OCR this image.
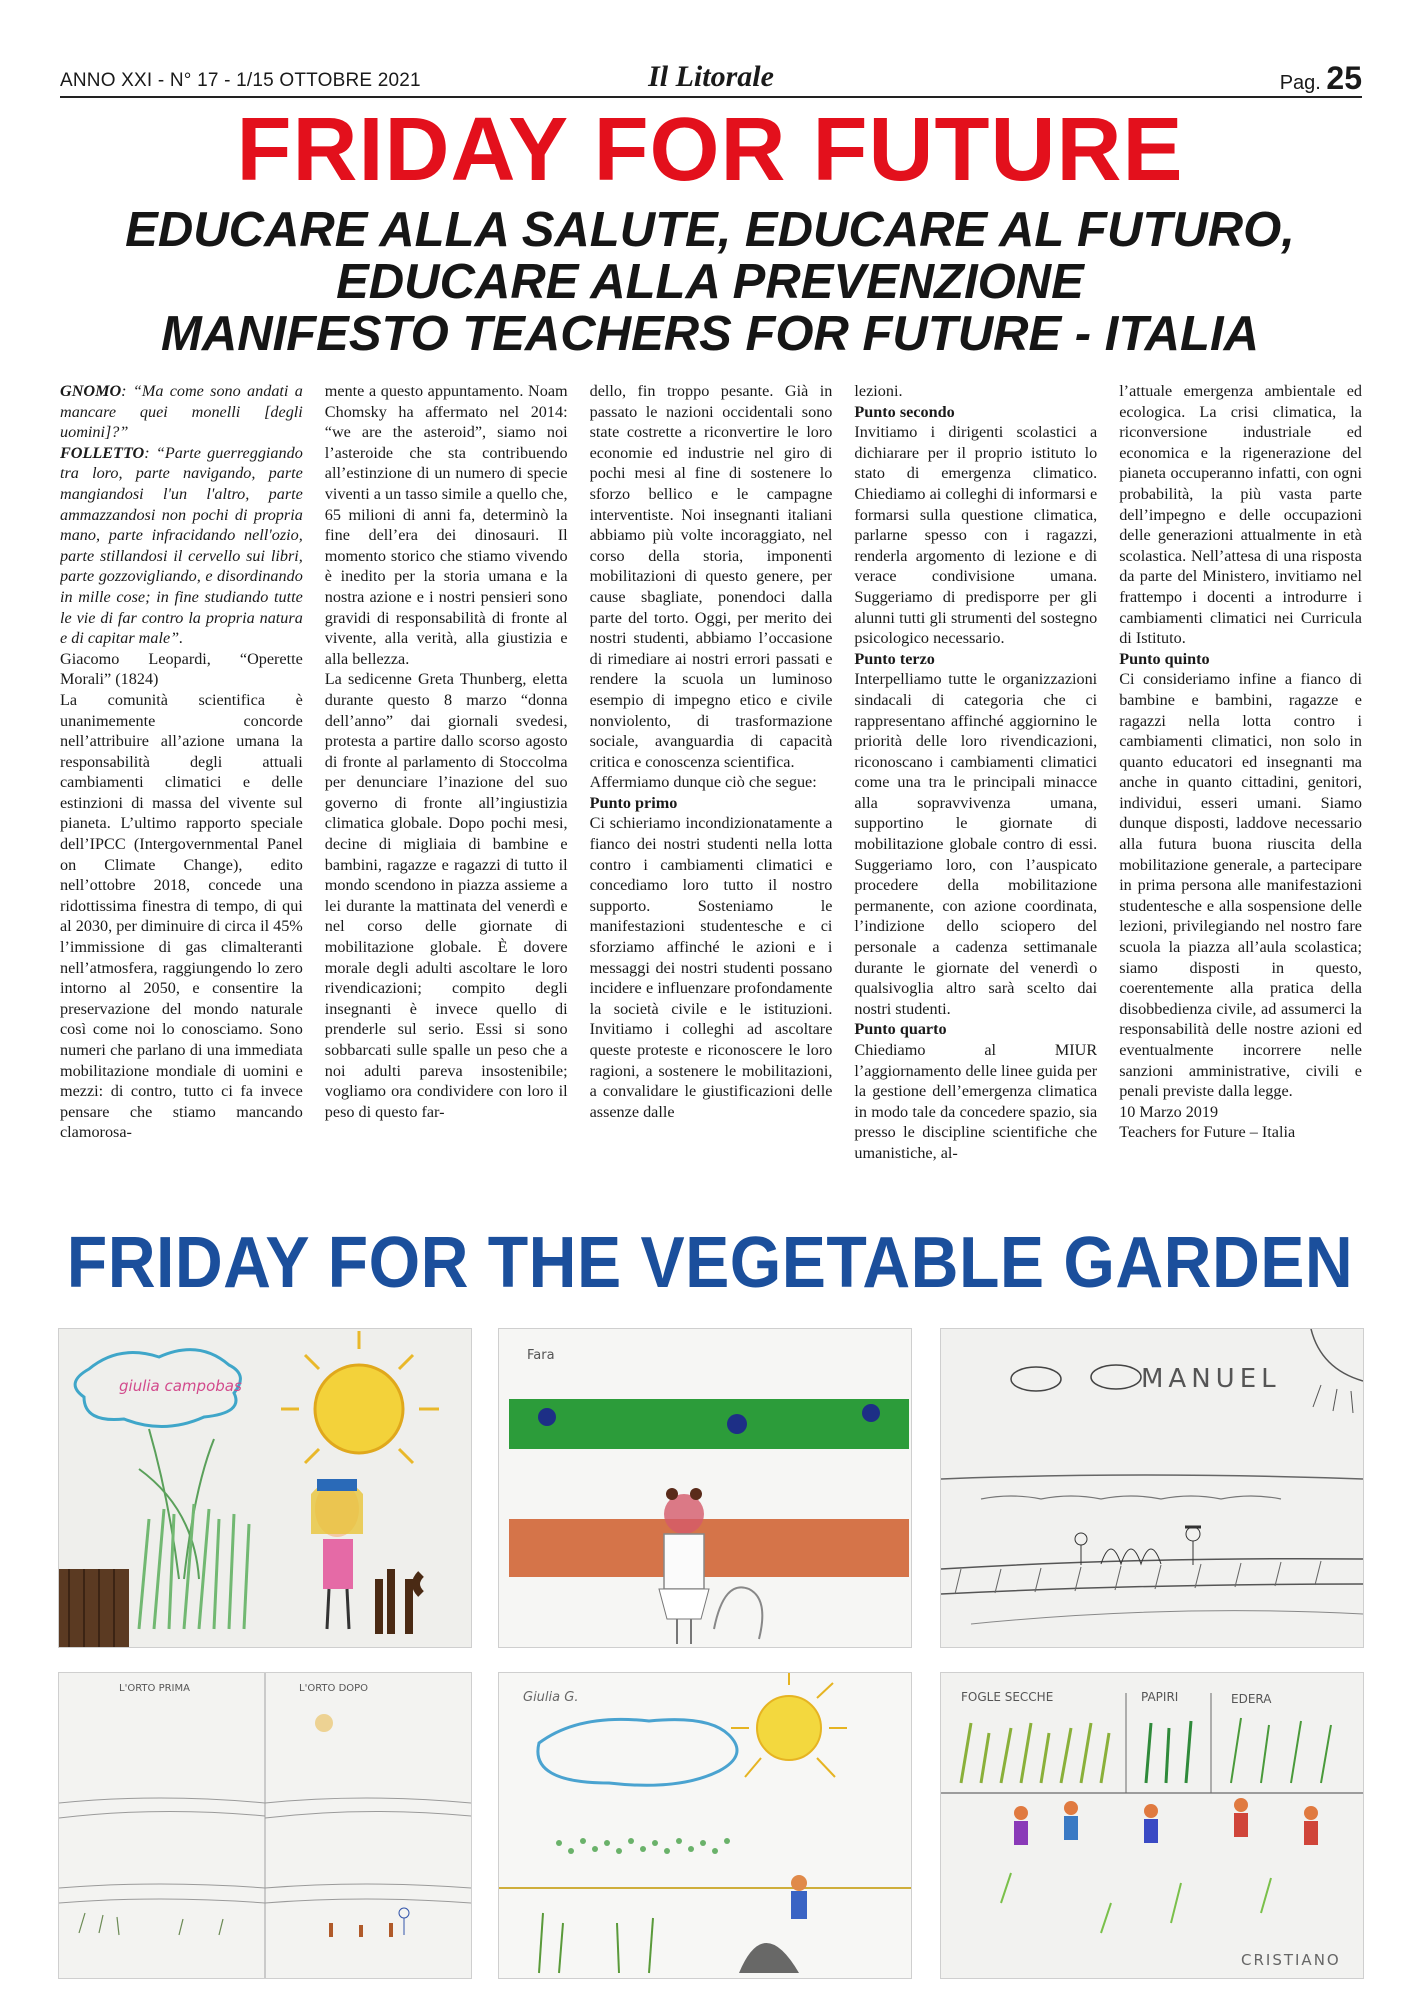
ANNO XXI - N° 17 - 1/15 OTTOBRE 2021	Il Litorale	Pag. 25
FRIDAY FOR FUTURE
EDUCARE ALLA SALUTE, EDUCARE AL FUTURO,
EDUCARE ALLA PREVENZIONE
MANIFESTO TEACHERS FOR FUTURE - ITALIA

GNOMO: “Ma come sono andati a mancare quei monelli [degli uomini]?”

FOLLETTO: “Parte guerreggiando tra loro, parte navigando, parte mangiandosi l'un l'altro, parte ammazzandosi non pochi di propria mano, parte infracidando nell'ozio, parte stillandosi il cervello sui libri, parte gozzovigliando, e disordinando in mille cose; in fine studiando tutte le vie di far contro la propria natura e di capitar male”.

Giacomo Leopardi, “Operette Morali” (1824)

La comunità scientifica è unanimemente concorde nell’attribuire all’azione umana la responsabilità degli attuali cambiamenti climatici e delle estinzioni di massa del vivente sul pianeta. L’ultimo rapporto speciale dell’IPCC (Intergovernmental Panel on Climate Change), edito nell’ottobre 2018, concede una ridottissima finestra di tempo, di qui al 2030, per diminuire di circa il 45% l’immissione di gas climalteranti nell’atmosfera, raggiungendo lo zero intorno al 2050, e consentire la preservazione del mondo naturale così come noi lo conosciamo. Sono numeri che parlano di una immediata mobilitazione mondiale di uomini e mezzi: di contro, tutto ci fa invece pensare che stiamo mancando clamorosa-

mente a questo appuntamento. Noam Chomsky ha affermato nel 2014: “we are the asteroid”, siamo noi l’asteroide che sta contribuendo all’estinzione di un numero di specie viventi a un tasso simile a quello che, 65 milioni di anni fa, determinò la fine dell’era dei dinosauri. Il momento storico che stiamo vivendo è inedito per la storia umana e la nostra azione e i nostri pensieri sono gravidi di responsabilità di fronte al vivente, alla verità, alla giustizia e alla bellezza.

La sedicenne Greta Thunberg, eletta durante questo 8 marzo “donna dell’anno” dai giornali svedesi, protesta a partire dallo scorso agosto di fronte al parlamento di Stoccolma per denunciare l’inazione del suo governo di fronte all’ingiustizia climatica globale. Dopo pochi mesi, decine di migliaia di bambine e bambini, ragazze e ragazzi di tutto il mondo scendono in piazza assieme a lei durante la mattinata del venerdì e nel corso delle giornate di mobilitazione globale. È dovere morale degli adulti ascoltare le loro rivendicazioni; compito degli insegnanti è invece quello di prenderle sul serio. Essi si sono sobbarcati sulle spalle un peso che a noi adulti pareva insostenibile; vogliamo ora condividere con loro il peso di questo far-

dello, fin troppo pesante. Già in passato le nazioni occidentali sono state costrette a riconvertire le loro economie ed industrie nel giro di pochi mesi al fine di sostenere lo sforzo bellico e le campagne interventiste. Noi insegnanti italiani abbiamo più volte incoraggiato, nel corso della storia, imponenti mobilitazioni di questo genere, per cause sbagliate, ponendoci dalla parte del torto. Oggi, per merito dei nostri studenti, abbiamo l’occasione di rimediare ai nostri errori passati e rendere la scuola un luminoso esempio di impegno etico e civile nonviolento, di trasformazione sociale, avanguardia di capacità critica e conoscenza scientifica.

Affermiamo dunque ciò che segue:

Punto primo

Ci schieriamo incondizionatamente a fianco dei nostri studenti nella lotta contro i cambiamenti climatici e concediamo loro tutto il nostro supporto. Sosteniamo le manifestazioni studentesche e ci sforziamo affinché le azioni e i messaggi dei nostri studenti possano incidere e influenzare profondamente la società civile e le istituzioni. Invitiamo i colleghi ad ascoltare queste proteste e riconoscere le loro ragioni, a sostenere le mobilitazioni, a convalidare le giustificazioni delle assenze dalle

lezioni.

Punto secondo

Invitiamo i dirigenti scolastici a dichiarare per il proprio istituto lo stato di emergenza climatico. Chiediamo ai colleghi di informarsi e formarsi sulla questione climatica, parlarne spesso con i ragazzi, renderla argomento di lezione e di verace condivisione umana. Suggeriamo di predisporre per gli alunni tutti gli strumenti del sostegno psicologico necessario.

Punto terzo

Interpelliamo tutte le organizzazioni sindacali di categoria che ci rappresentano affinché aggiornino le priorità delle loro rivendicazioni, riconoscano i cambiamenti climatici come una tra le principali minacce alla sopravvivenza umana, supportino le giornate di mobilitazione globale contro di essi. Suggeriamo loro, con l’auspicato procedere della mobilitazione permanente, con azione coordinata, l’indizione dello sciopero del personale a cadenza settimanale durante le giornate del venerdì o qualsivoglia altro sarà scelto dai nostri studenti.

Punto quarto

Chiediamo al MIUR l’aggiornamento delle linee guida per la gestione dell’emergenza climatica in modo tale da concedere spazio, sia presso le discipline scientifiche che umanistiche, al-

l’attuale emergenza ambientale ed ecologica. La crisi climatica, la riconversione industriale ed economica e la rigenerazione del pianeta occuperanno infatti, con ogni probabilità, la più vasta parte dell’impegno e delle occupazioni delle generazioni attualmente in età scolastica. Nell’attesa di una risposta da parte del Ministero, invitiamo nel frattempo i docenti a introdurre i cambiamenti climatici nei Curricula di Istituto.

Punto quinto

Ci consideriamo infine a fianco di bambine e bambini, ragazze e ragazzi nella lotta contro i cambiamenti climatici, non solo in quanto educatori ed insegnanti ma anche in quanto cittadini, genitori, individui, esseri umani. Siamo dunque disposti, laddove necessario alla futura buona riuscita della mobilitazione generale, a partecipare in prima persona alle manifestazioni studentesche e alla sospensione delle lezioni, privilegiando nel nostro fare scuola la piazza all’aula scolastica; siamo disposti in questo, coerentemente alla pratica della disobbedienza civile, ad assumerci la responsabilità delle nostre azioni ed eventualmente incorrere nelle sanzioni amministrative, civili e penali previste dalla legge.

10 Marzo 2019

Teachers for Future – Italia

FRIDAY FOR THE VEGETABLE GARDEN
giulia campobas
Fara
MANUEL
L'ORTO PRIMA	L'ORTO DOPO
Giulia G.	FOGLE SECCHE	PAPIRI	EDERA
CRISTIANO
